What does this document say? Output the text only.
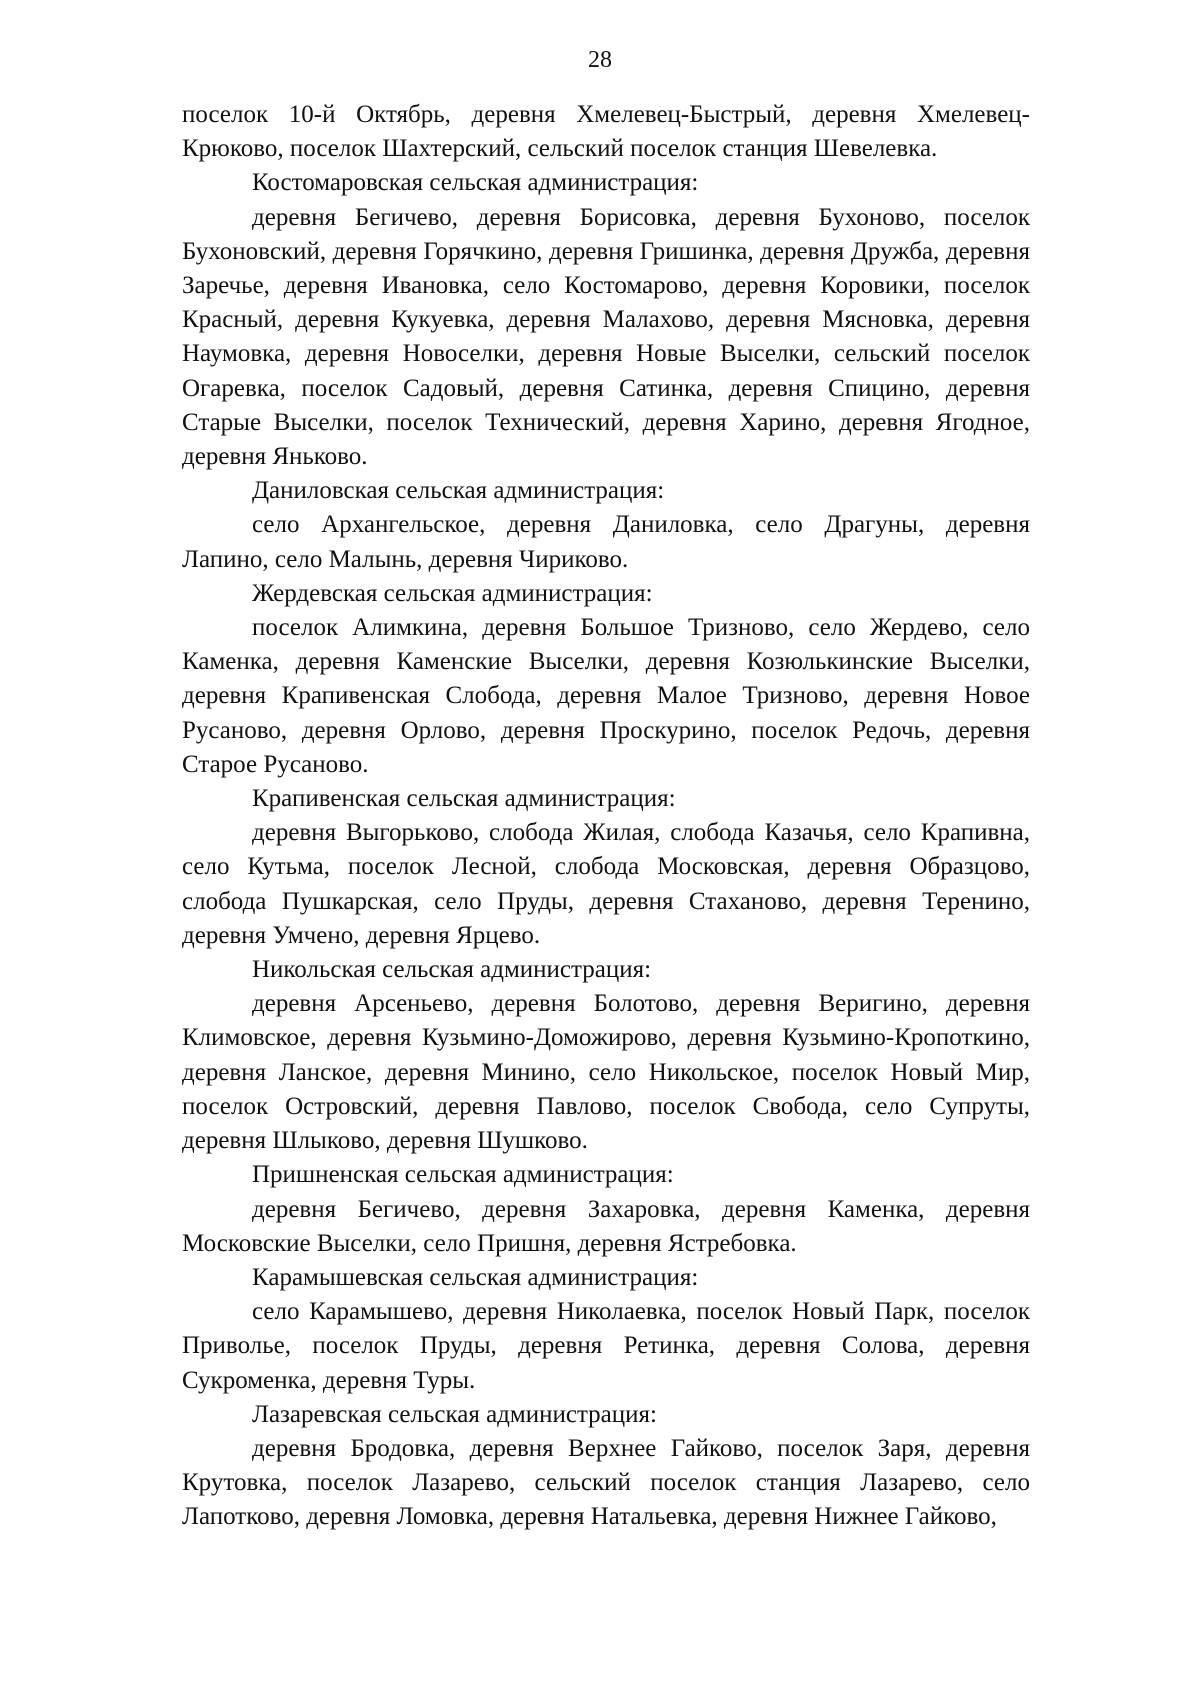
28

поселок 10-й Октябрь, деревня Хмелевец-Быстрый, деревня Хмелевец-Крюково, поселок Шахтерский, сельский поселок станция Шевелевка.

Костомаровская сельская администрация:

деревня Бегичево, деревня Борисовка, деревня Бухоново, поселок Бухоновский, деревня Горячкино, деревня Гришинка, деревня Дружба, деревня Заречье, деревня Ивановка, село Костомарово, деревня Коровики, поселок Красный, деревня Кукуевка, деревня Малахово, деревня Мясновка, деревня Наумовка, деревня Новоселки, деревня Новые Выселки, сельский поселок Огаревка, поселок Садовый, деревня Сатинка, деревня Спицино, деревня Старые Выселки, поселок Технический, деревня Харино, деревня Ягодное, деревня Яньково.

Даниловская сельская администрация:

село Архангельское, деревня Даниловка, село Драгуны, деревня Лапино, село Малынь, деревня Чириково.

Жердевская сельская администрация:

поселок Алимкина, деревня Большое Тризново, село Жердево, село Каменка, деревня Каменские Выселки, деревня Козюлькинские Выселки, деревня Крапивенская Слобода, деревня Малое Тризново, деревня Новое Русаново, деревня Орлово, деревня Проскурино, поселок Редочь, деревня Старое Русаново.

Крапивенская сельская администрация:

деревня Выгорьково, слобода Жилая, слобода Казачья, село Крапивна, село Кутьма, поселок Лесной, слобода Московская, деревня Образцово, слобода Пушкарская, село Пруды, деревня Стаханово, деревня Теренино, деревня Умчено, деревня Ярцево.

Никольская сельская администрация:

деревня Арсеньево, деревня Болотово, деревня Веригино, деревня Климовское, деревня Кузьмино-Доможирово, деревня Кузьмино-Кропоткино, деревня Ланское, деревня Минино, село Никольское, поселок Новый Мир, поселок Островский, деревня Павлово, поселок Свобода, село Супруты, деревня Шлыково, деревня Шушково.

Пришненская сельская администрация:

деревня Бегичево, деревня Захаровка, деревня Каменка, деревня Московские Выселки, село Пришня, деревня Ястребовка.

Карамышевская сельская администрация:

село Карамышево, деревня Николаевка, поселок Новый Парк, поселок Приволье, поселок Пруды, деревня Ретинка, деревня Солова, деревня Сукроменка, деревня Туры.

Лазаревская сельская администрация:

деревня Бродовка, деревня Верхнее Гайково, поселок Заря, деревня Крутовка, поселок Лазарево, сельский поселок станция Лазарево, село Лапотково, деревня Ломовка, деревня Натальевка, деревня Нижнее Гайково,
